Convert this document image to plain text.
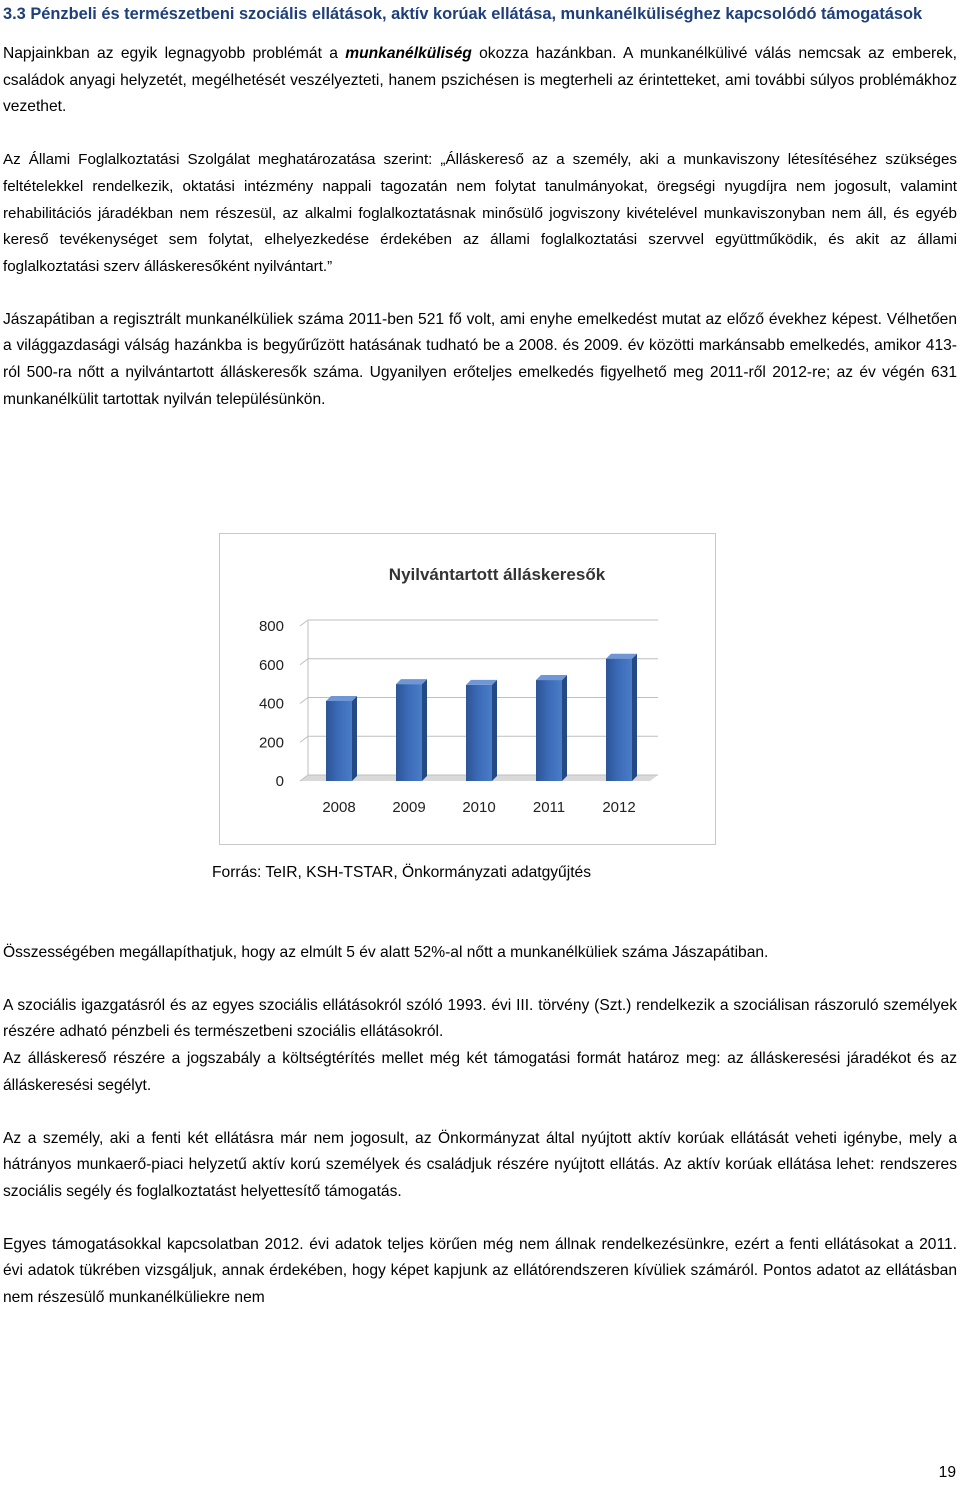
3.3 Pénzbeli és természetbeni szociális ellátások, aktív korúak ellátása, munkanélküliséghez kapcsolódó támogatások

Napjainkban az egyik legnagyobb problémát a munkanélküliség okozza hazánkban. A munkanélkülivé válás nemcsak az emberek, családok anyagi helyzetét, megélhetését veszélyezteti, hanem pszichésen is megterheli az érintetteket, ami további súlyos problémákhoz vezethet.

Az Állami Foglalkoztatási Szolgálat meghatározatása szerint: „Álláskereső az a személy, aki a munkaviszony létesítéséhez szükséges feltételekkel rendelkezik, oktatási intézmény nappali tagozatán nem folytat tanulmányokat, öregségi nyugdíjra nem jogosult, valamint rehabilitációs járadékban nem részesül, az alkalmi foglalkoztatásnak minősülő jogviszony kivételével munkaviszonyban nem áll, és egyéb kereső tevékenységet sem folytat, elhelyezkedése érdekében az állami foglalkoztatási szervvel együttműködik, és akit az állami foglalkoztatási szerv álláskeresőként nyilvántart.”

Jászapátiban a regisztrált munkanélküliek száma 2011-ben 521 fő volt, ami enyhe emelkedést mutat az előző évekhez képest. Vélhetően a világgazdasági válság hazánkba is begyűrűzött hatásának tudható be a 2008. és 2009. év közötti markánsabb emelkedés, amikor 413-ról 500-ra nőtt a nyilvántartott álláskeresők száma. Ugyanilyen erőteljes emelkedés figyelhető meg 2011-ről 2012-re; az év végén 631 munkanélkülit tartottak nyilván településünkön.

Nyilvántartott álláskeresők
0
200
400
600
800
2008 2009 2010 2011 2012
Forrás: TeIR, KSH-TSTAR, Önkormányzati adatgyűjtés

Összességében megállapíthatjuk, hogy az elmúlt 5 év alatt 52%-al nőtt a munkanélküliek száma Jászapátiban.

A szociális igazgatásról és az egyes szociális ellátásokról szóló 1993. évi III. törvény (Szt.) rendelkezik a szociálisan rászoruló személyek részére adható pénzbeli és természetbeni szociális ellátásokról.

Az álláskereső részére a jogszabály a költségtérítés mellet még két támogatási formát határoz meg: az álláskeresési járadékot és az álláskeresési segélyt.

Az a személy, aki a fenti két ellátásra már nem jogosult, az Önkormányzat által nyújtott aktív korúak ellátását veheti igénybe, mely a hátrányos munkaerő-piaci helyzetű aktív korú személyek és családjuk részére nyújtott ellátás. Az aktív korúak ellátása lehet: rendszeres szociális segély és foglalkoztatást helyettesítő támogatás.

Egyes támogatásokkal kapcsolatban 2012. évi adatok teljes körűen még nem állnak rendelkezésünkre, ezért a fenti ellátásokat a 2011. évi adatok tükrében vizsgáljuk, annak érdekében, hogy képet kapjunk az ellátórendszeren kívüliek számáról. Pontos adatot az ellátásban nem részesülő munkanélküliekre nem

19
